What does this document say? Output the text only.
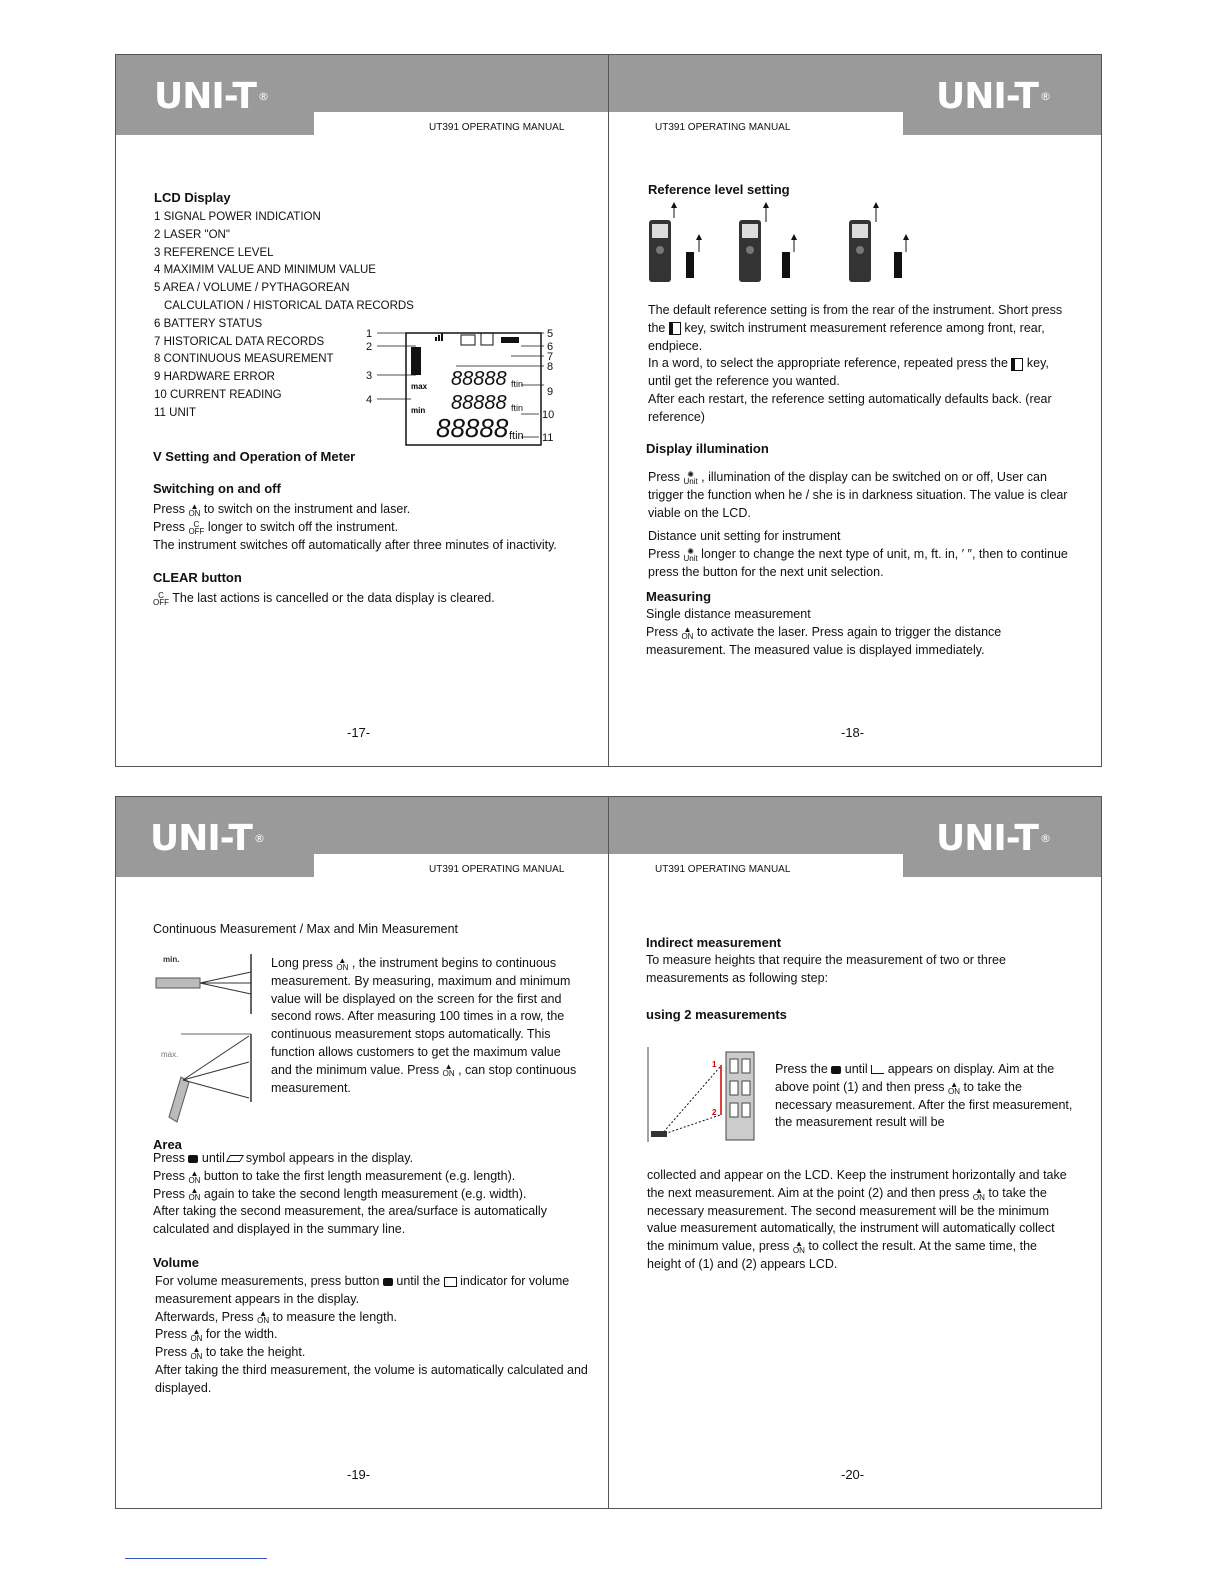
UNI-T ®	UNI-T ®
UT391 OPERATING MANUAL	UT391 OPERATING MANUAL

LCD Display

1 SIGNAL POWER INDICATION
2 LASER "ON"
3 REFERENCE LEVEL
4 MAXIMIM VALUE AND MINIMUM VALUE
5 AREA / VOLUME / PYTHAGOREAN
CALCULATION / HISTORICAL DATA RECORDS
6 BATTERY STATUS
7 HISTORICAL DATA RECORDS
8 CONTINUOUS MEASUREMENT
9 HARDWARE ERROR
10 CURRENT READING
11 UNIT
1
2
3
4
5
6
7
8
9
10
11
max
min
88888 ftin
88888 ftin
88888 ftin

V Setting and Operation of Meter

Switching on and off

Press ▲
ON to switch on the instrument and laser.
Press C
OFF longer to switch off the instrument.
The instrument switches off automatically after three minutes of inactivity.

CLEAR button

C
OFF The last actions is cancelled or the data display is cleared.
-17-

Reference level setting

The default reference setting is from the rear of the instrument. Short press the key, switch instrument measurement reference among front, rear, endpiece.
In a word, to select the appropriate reference, repeated press the key, until get the reference you wanted.
After each restart, the reference setting automatically defaults back. (rear reference)

Display illumination

Press ✺
Unit , illumination of the display can be switched on or off, User can trigger the function when he / she is in darkness situation. The value is clear viable on the LCD.
Distance unit setting for instrument
Press ✺
Unit longer to change the next type of unit, m, ft. in, ′ ″, then to continue press the button for the next unit selection.

Measuring

Single distance measurement
Press ▲
ON to activate the laser. Press again to trigger the distance measurement. The measured value is displayed immediately.
-18-
UNI-T ®	UNI-T ®
UT391 OPERATING MANUAL	UT391 OPERATING MANUAL

Continuous Measurement / Max and Min Measurement

min.
max.
Long press ▲
ON , the instrument begins to continuous measurement. By measuring, maximum and minimum value will be displayed on the screen for the first and second rows. After measuring 100 times in a row, the continuous measurement stops automatically. This function allows customers to get the maximum value and the minimum value. Press ▲
ON , can stop continuous measurement.

Area

Press until symbol appears in the display.
Press ▲
ON button to take the first length measurement (e.g. length).
Press ▲
ON again to take the second length measurement (e.g. width).
After taking the second measurement, the area/surface is automatically calculated and displayed in the summary line.

Volume

For volume measurements, press button until the indicator for volume measurement appears in the display.
Afterwards, Press ▲
ON to measure the length.
Press ▲
ON for the width.
Press ▲
ON to take the height.
After taking the third measurement, the volume is automatically calculated and displayed.
-19-

Indirect measurement

To measure heights that require the measurement of two or three measurements as following step:

using 2 measurements

1
2
Press the until appears on display. Aim at the above point (1) and then press ▲
ON to take the necessary measurement. After the first measurement, the measurement result will be
collected and appear on the LCD. Keep the instrument horizontally and take the next measurement. Aim at the point (2) and then press ▲
ON to take the necessary measurement. The second measurement will be the minimum value measurement automatically, the instrument will automatically collect the minimum value, press ▲
ON to collect the result. At the same time, the height of (1) and (2) appears LCD.
-20-
